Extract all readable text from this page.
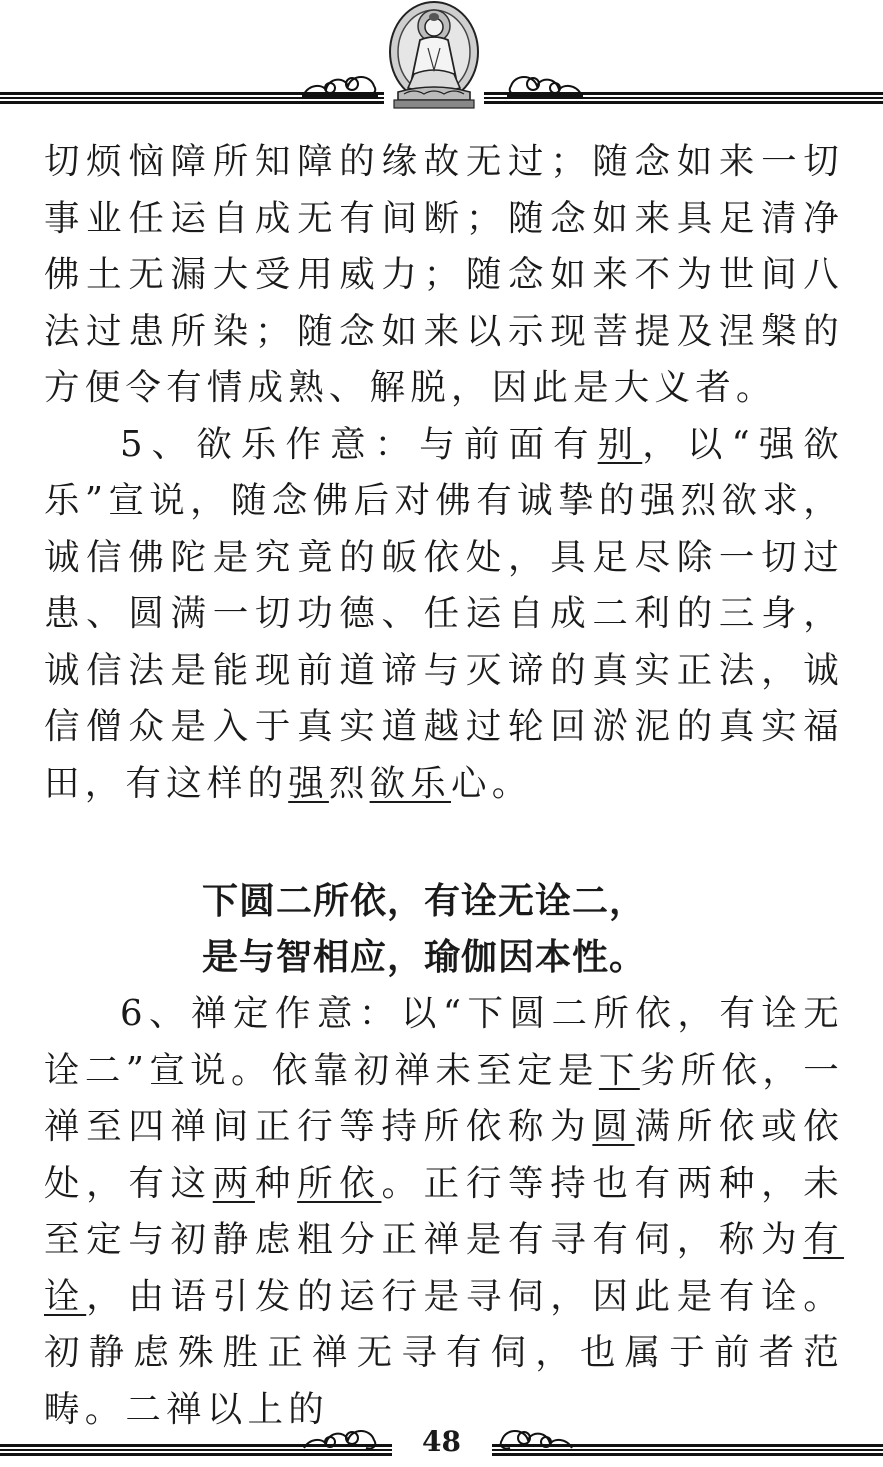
切烦恼障所知障的缘故无过；随念如来一切事业任运自成无有间断；随念如来具足清净佛土无漏大受用威力；随念如来不为世间八法过患所染；随念如来以示现菩提及涅槃的方便令有情成熟、解脱，因此是大义者。

5、欲乐作意：与前面有别，以“强欲乐”宣说，随念佛后对佛有诚挚的强烈欲求，诚信佛陀是究竟的皈依处，具足尽除一切过患、圆满一切功德、任运自成二利的三身，诚信法是能现前道谛与灭谛的真实正法，诚信僧众是入于真实道越过轮回淤泥的真实福田，有这样的强烈欲乐心。

下圆二所依，有诠无诠二，

是与智相应，瑜伽因本性。

6、禅定作意：以“下圆二所依，有诠无诠二”宣说。依靠初禅未至定是下劣所依，一禅至四禅间正行等持所依称为圆满所依或依处，有这两种所依。正行等持也有两种，未至定与初静虑粗分正禅是有寻有伺，称为有诠，由语引发的运行是寻伺，因此是有诠。初静虑殊胜正禅无寻有伺，也属于前者范畴。二禅以上的

48
